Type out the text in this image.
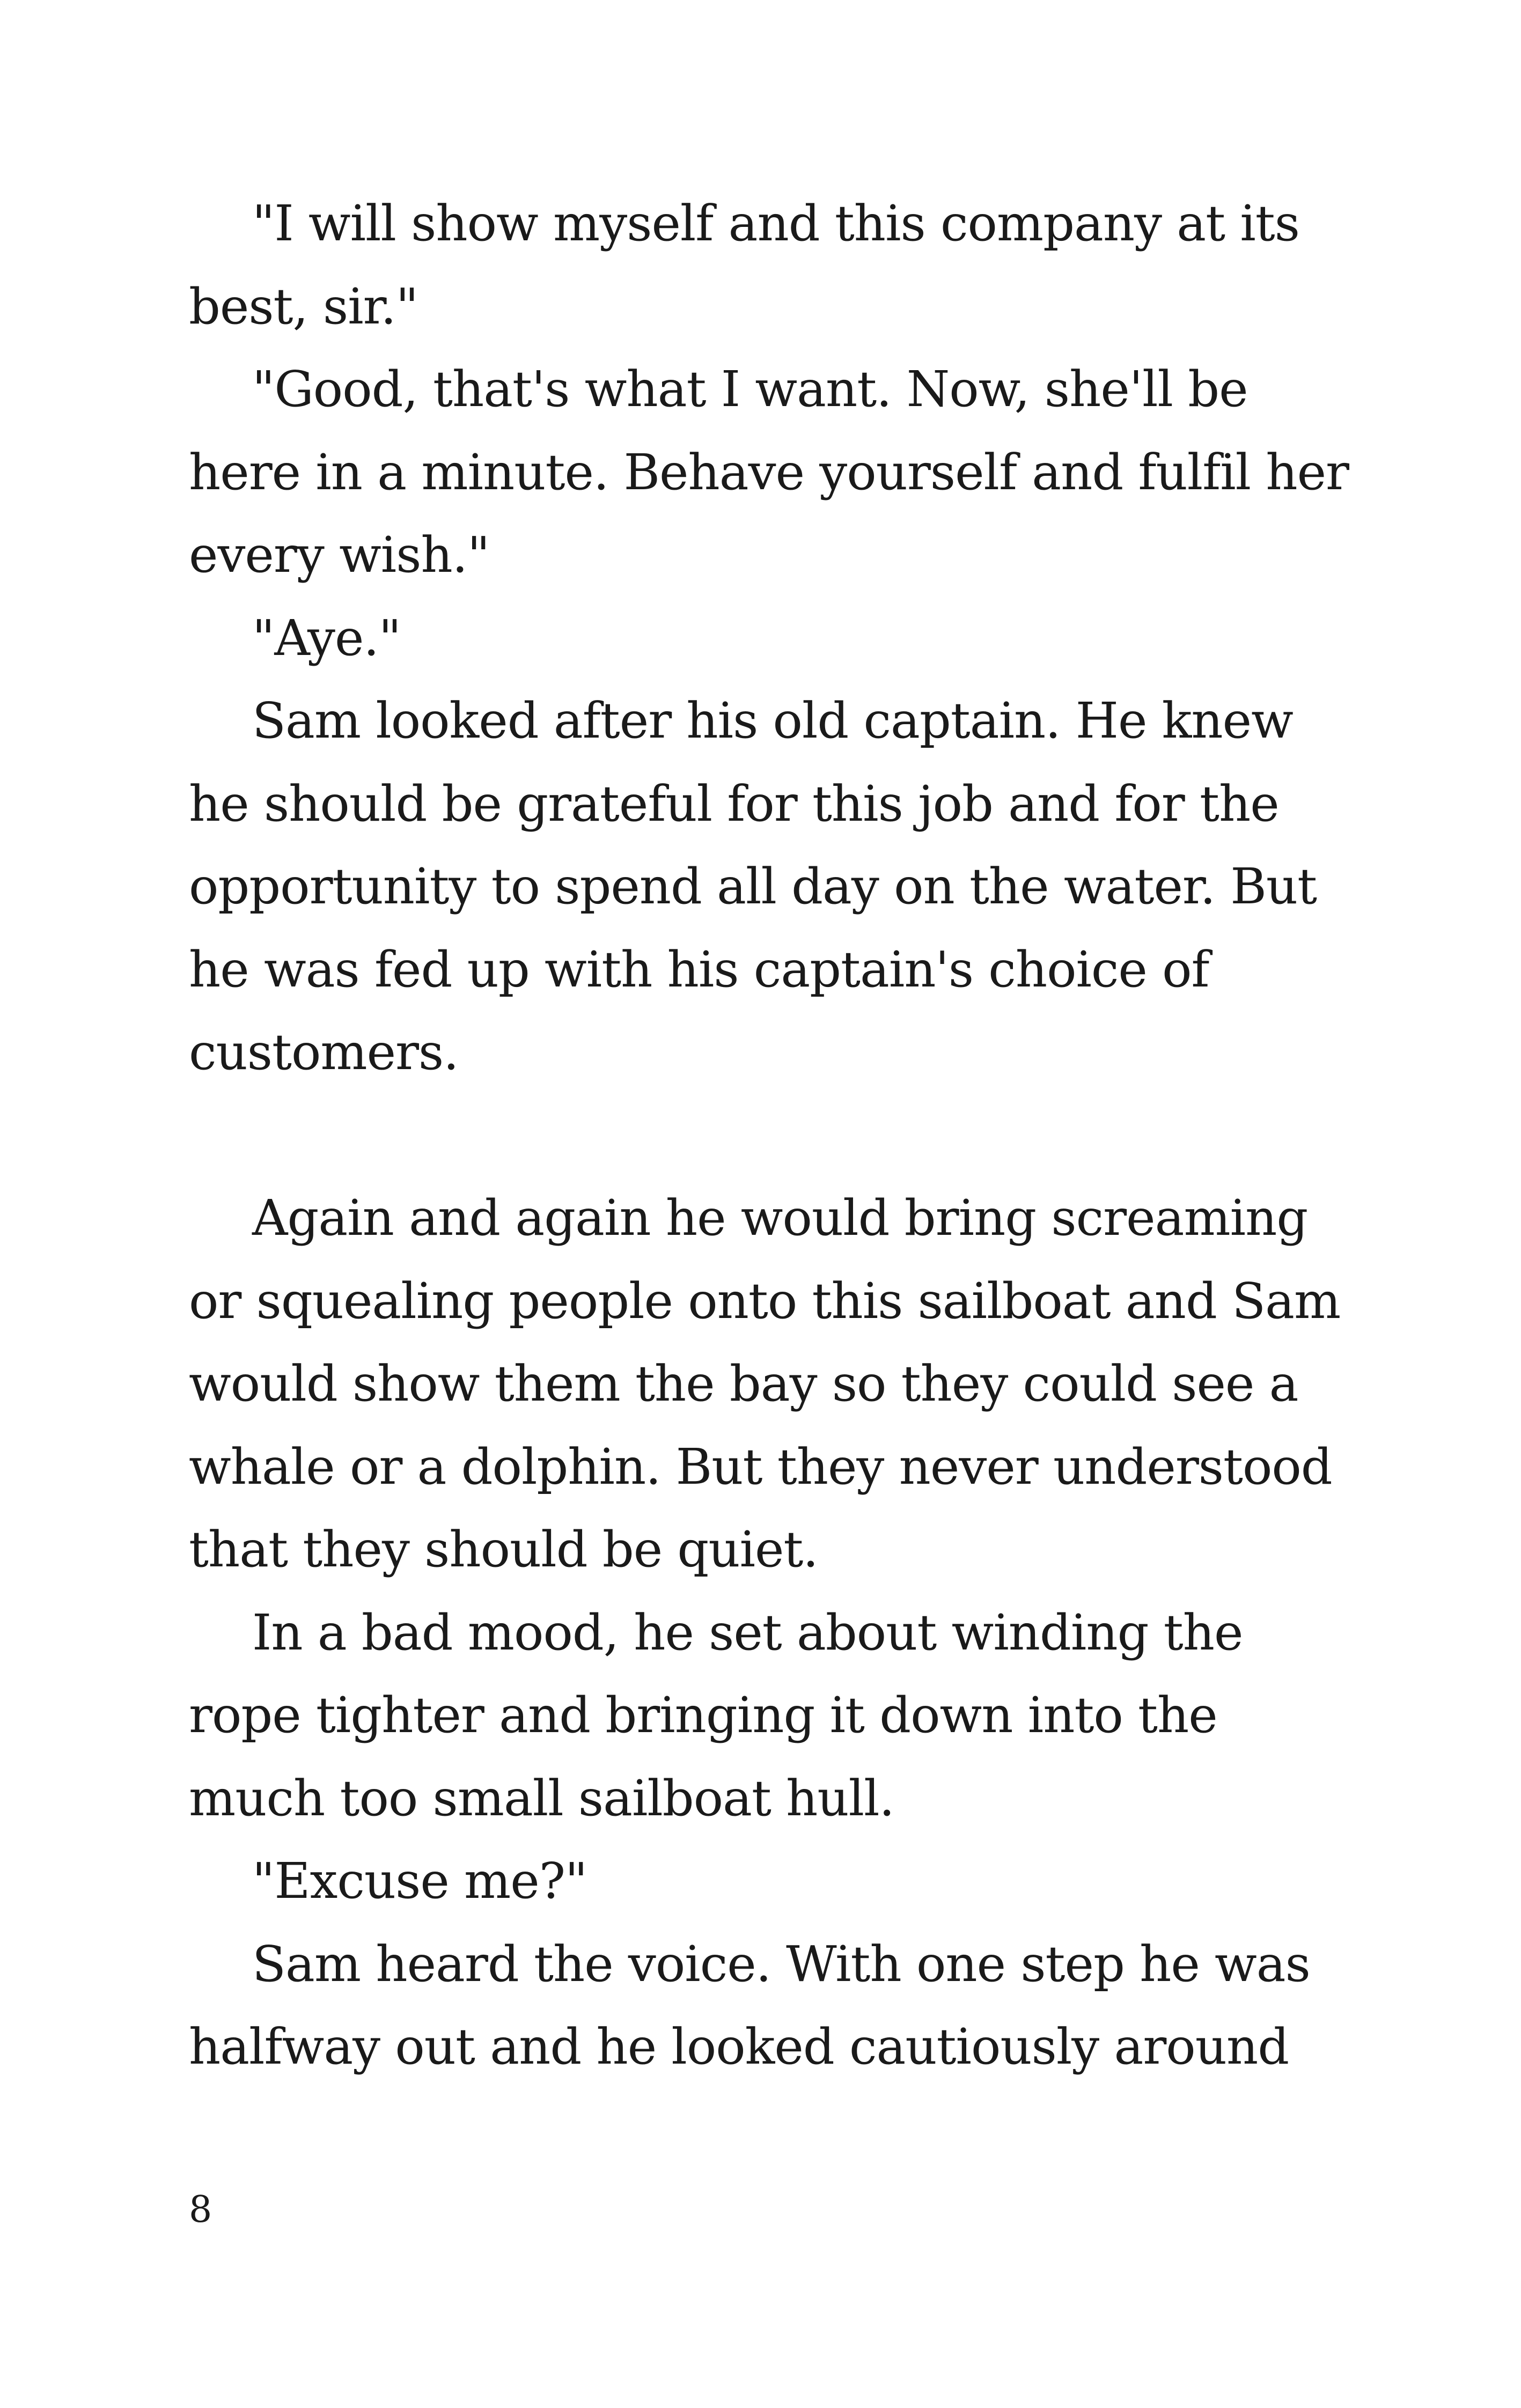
"I will show myself and this company at its
best, sir."
"Good, that's what I want. Now, she'll be
here in a minute. Behave yourself and fulfil her
every wish."
"Aye."
Sam looked after his old captain. He knew
he should be grateful for this job and for the
opportunity to spend all day on the water. But
he was fed up with his captain's choice of
customers.
Again and again he would bring screaming
or squealing people onto this sailboat and Sam
would show them the bay so they could see a
whale or a dolphin. But they never understood
that they should be quiet.
In a bad mood, he set about winding the
rope tighter and bringing it down into the
much too small sailboat hull.
"Excuse me?"
Sam heard the voice. With one step he was
halfway out and he looked cautiously around
8
